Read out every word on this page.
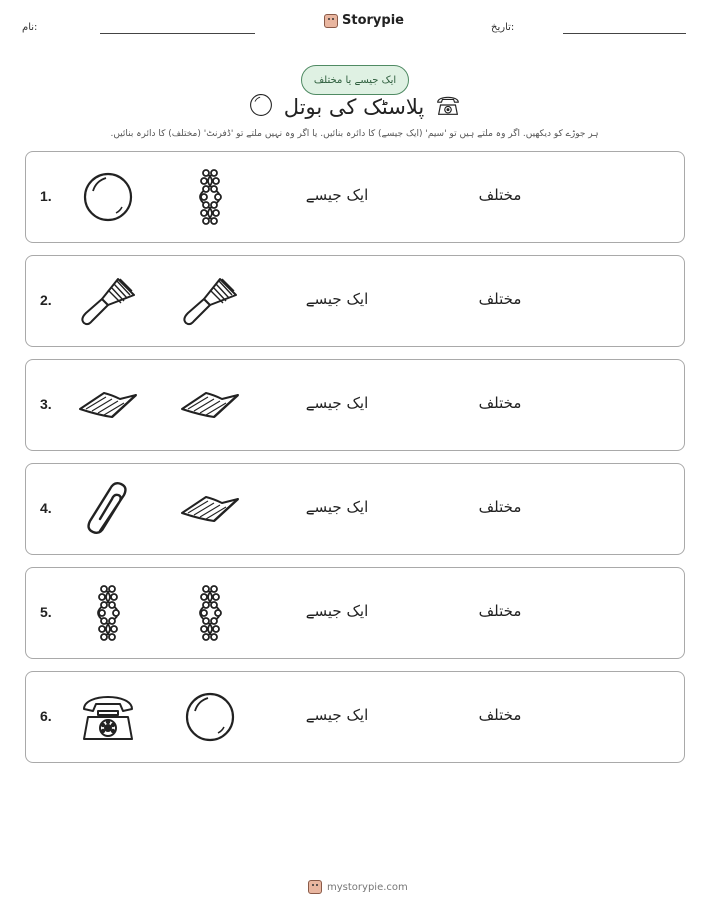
نام:	Storypie	تاریخ:
ایک جیسے یا مختلف
پلاسٹک کی بوتل
ہر جوڑے کو دیکھیں. اگر وہ ملتے ہیں تو 'سیم' (ایک جیسے) کا دائرہ بنائیں. یا اگر وہ نہیں ملتے تو 'ڈفرنٹ' (مختلف) کا دائرہ بنائیں.
1.	ایک جیسے	مختلف
2.	ایک جیسے	مختلف
3.	ایک جیسے	مختلف
4.	ایک جیسے	مختلف
5.	ایک جیسے	مختلف
6.	ایک جیسے	مختلف
mystorypie.com
